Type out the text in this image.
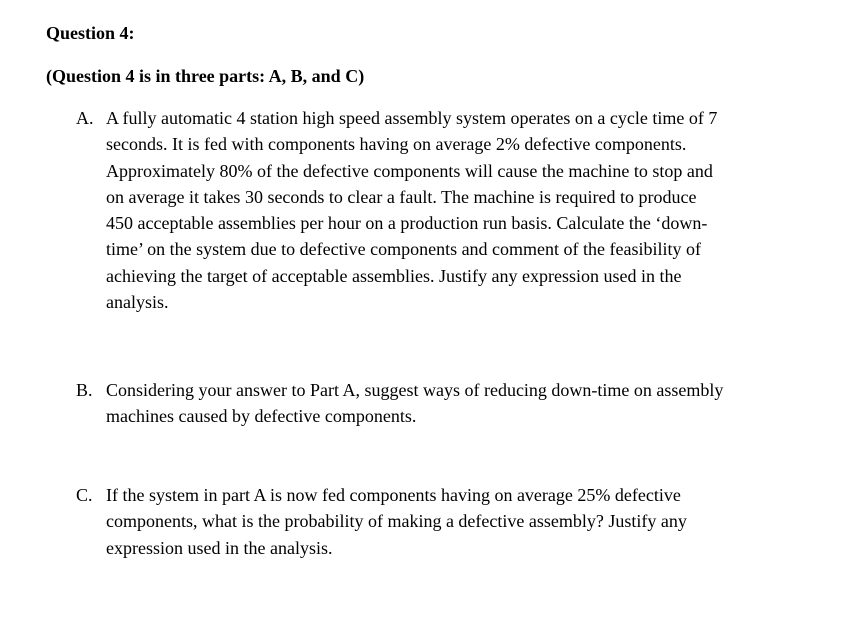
Question 4:
(Question 4 is in three parts: A, B, and C)
A. A fully automatic 4 station high speed assembly system operates on a cycle time of 7
seconds. It is fed with components having on average 2% defective components.
Approximately 80% of the defective components will cause the machine to stop and
on average it takes 30 seconds to clear a fault. The machine is required to produce
450 acceptable assemblies per hour on a production run basis. Calculate the ‘down-
time’ on the system due to defective components and comment of the feasibility of
achieving the target of acceptable assemblies. Justify any expression used in the
analysis.
B. Considering your answer to Part A, suggest ways of reducing down-time on assembly
machines caused by defective components.
C. If the system in part A is now fed components having on average 25% defective
components, what is the probability of making a defective assembly? Justify any
expression used in the analysis.
